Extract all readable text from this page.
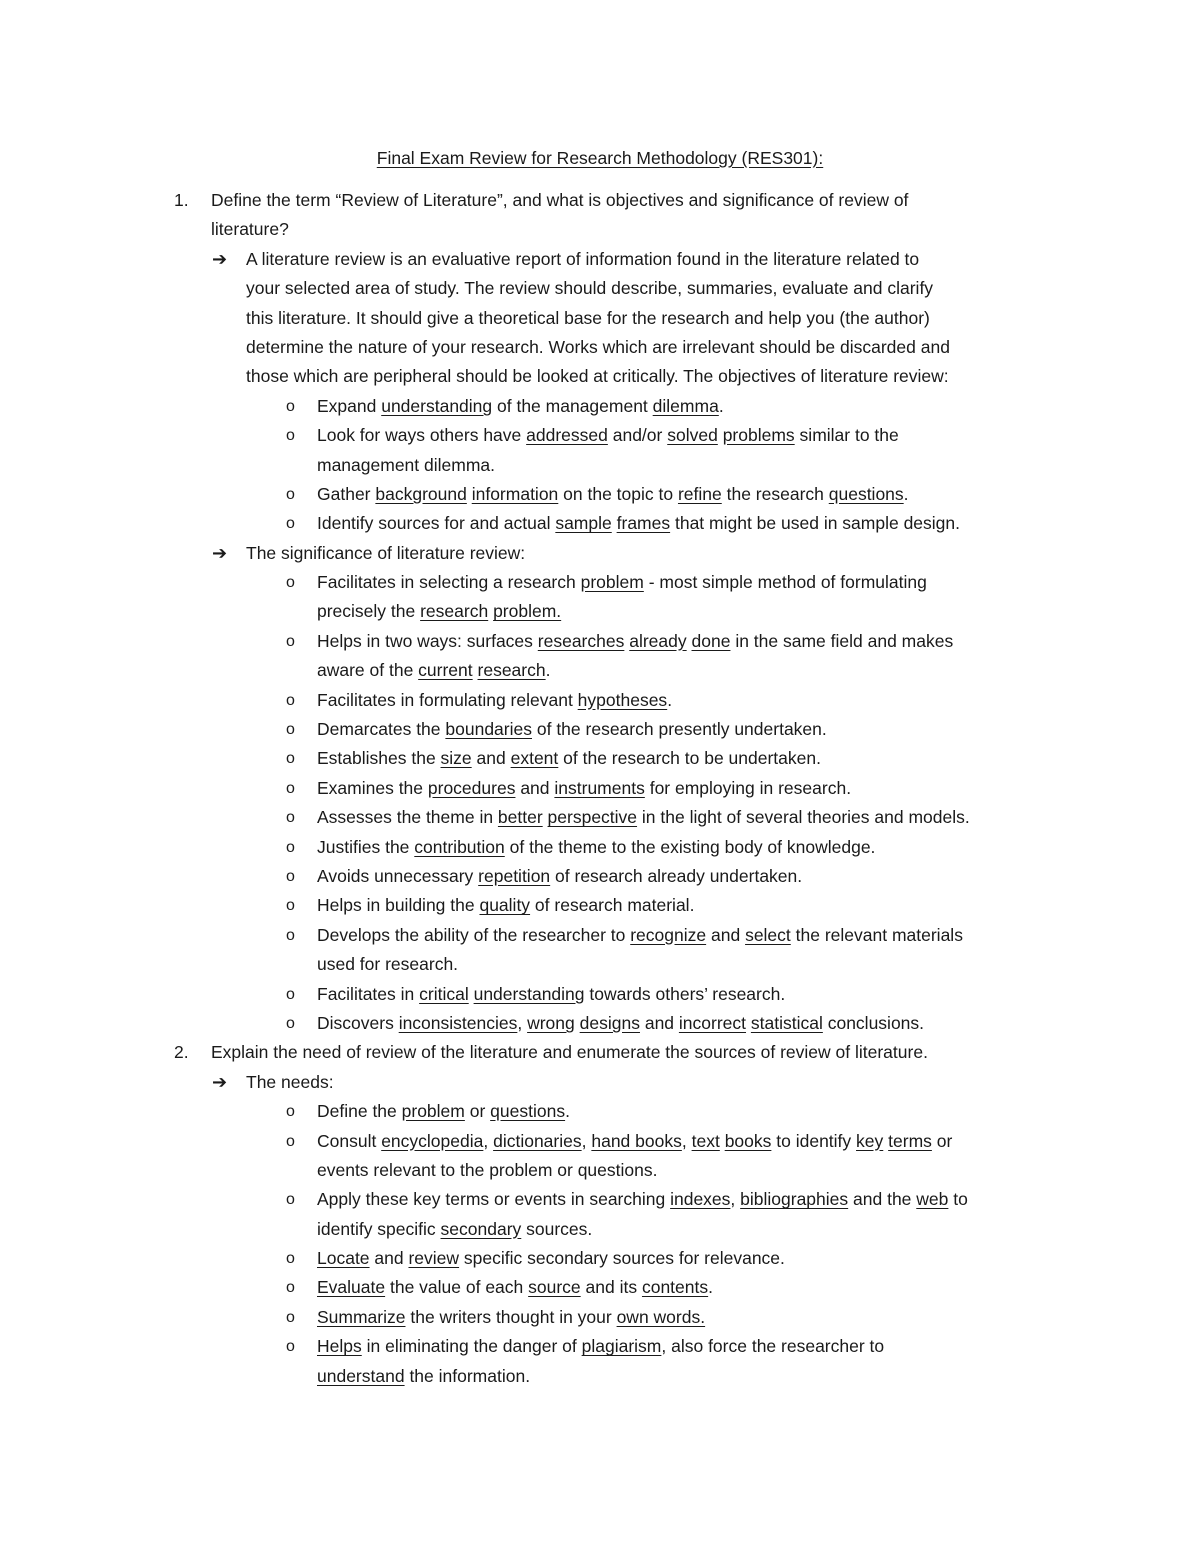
Final Exam Review for Research Methodology (RES301):
1. Define the term “Review of Literature”, and what is objectives and significance of review of
literature?
➔ A literature review is an evaluative report of information found in the literature related to
your selected area of study. The review should describe, summaries, evaluate and clarify
this literature. It should give a theoretical base for the research and help you (the author)
determine the nature of your research. Works which are irrelevant should be discarded and
those which are peripheral should be looked at critically. The objectives of literature review:
o Expand understanding of the management dilemma.
o Look for ways others have addressed and/or solved problems similar to the
management dilemma.
o Gather background information on the topic to refine the research questions.
o Identify sources for and actual sample frames that might be used in sample design.
➔ The significance of literature review:
o Facilitates in selecting a research problem - most simple method of formulating
precisely the research problem.
o Helps in two ways: surfaces researches already done in the same field and makes
aware of the current research.
o Facilitates in formulating relevant hypotheses.
o Demarcates the boundaries of the research presently undertaken.
o Establishes the size and extent of the research to be undertaken.
o Examines the procedures and instruments for employing in research.
o Assesses the theme in better perspective in the light of several theories and models.
o Justifies the contribution of the theme to the existing body of knowledge.
o Avoids unnecessary repetition of research already undertaken.
o Helps in building the quality of research material.
o Develops the ability of the researcher to recognize and select the relevant materials
used for research.
o Facilitates in critical understanding towards others’ research.
o Discovers inconsistencies, wrong designs and incorrect statistical conclusions.
2. Explain the need of review of the literature and enumerate the sources of review of literature.
➔ The needs:
o Define the problem or questions.
o Consult encyclopedia, dictionaries, hand books, text books to identify key terms or
events relevant to the problem or questions.
o Apply these key terms or events in searching indexes, bibliographies and the web to
identify specific secondary sources.
o Locate and review specific secondary sources for relevance.
o Evaluate the value of each source and its contents.
o Summarize the writers thought in your own words.
o Helps in eliminating the danger of plagiarism, also force the researcher to
understand the information.
